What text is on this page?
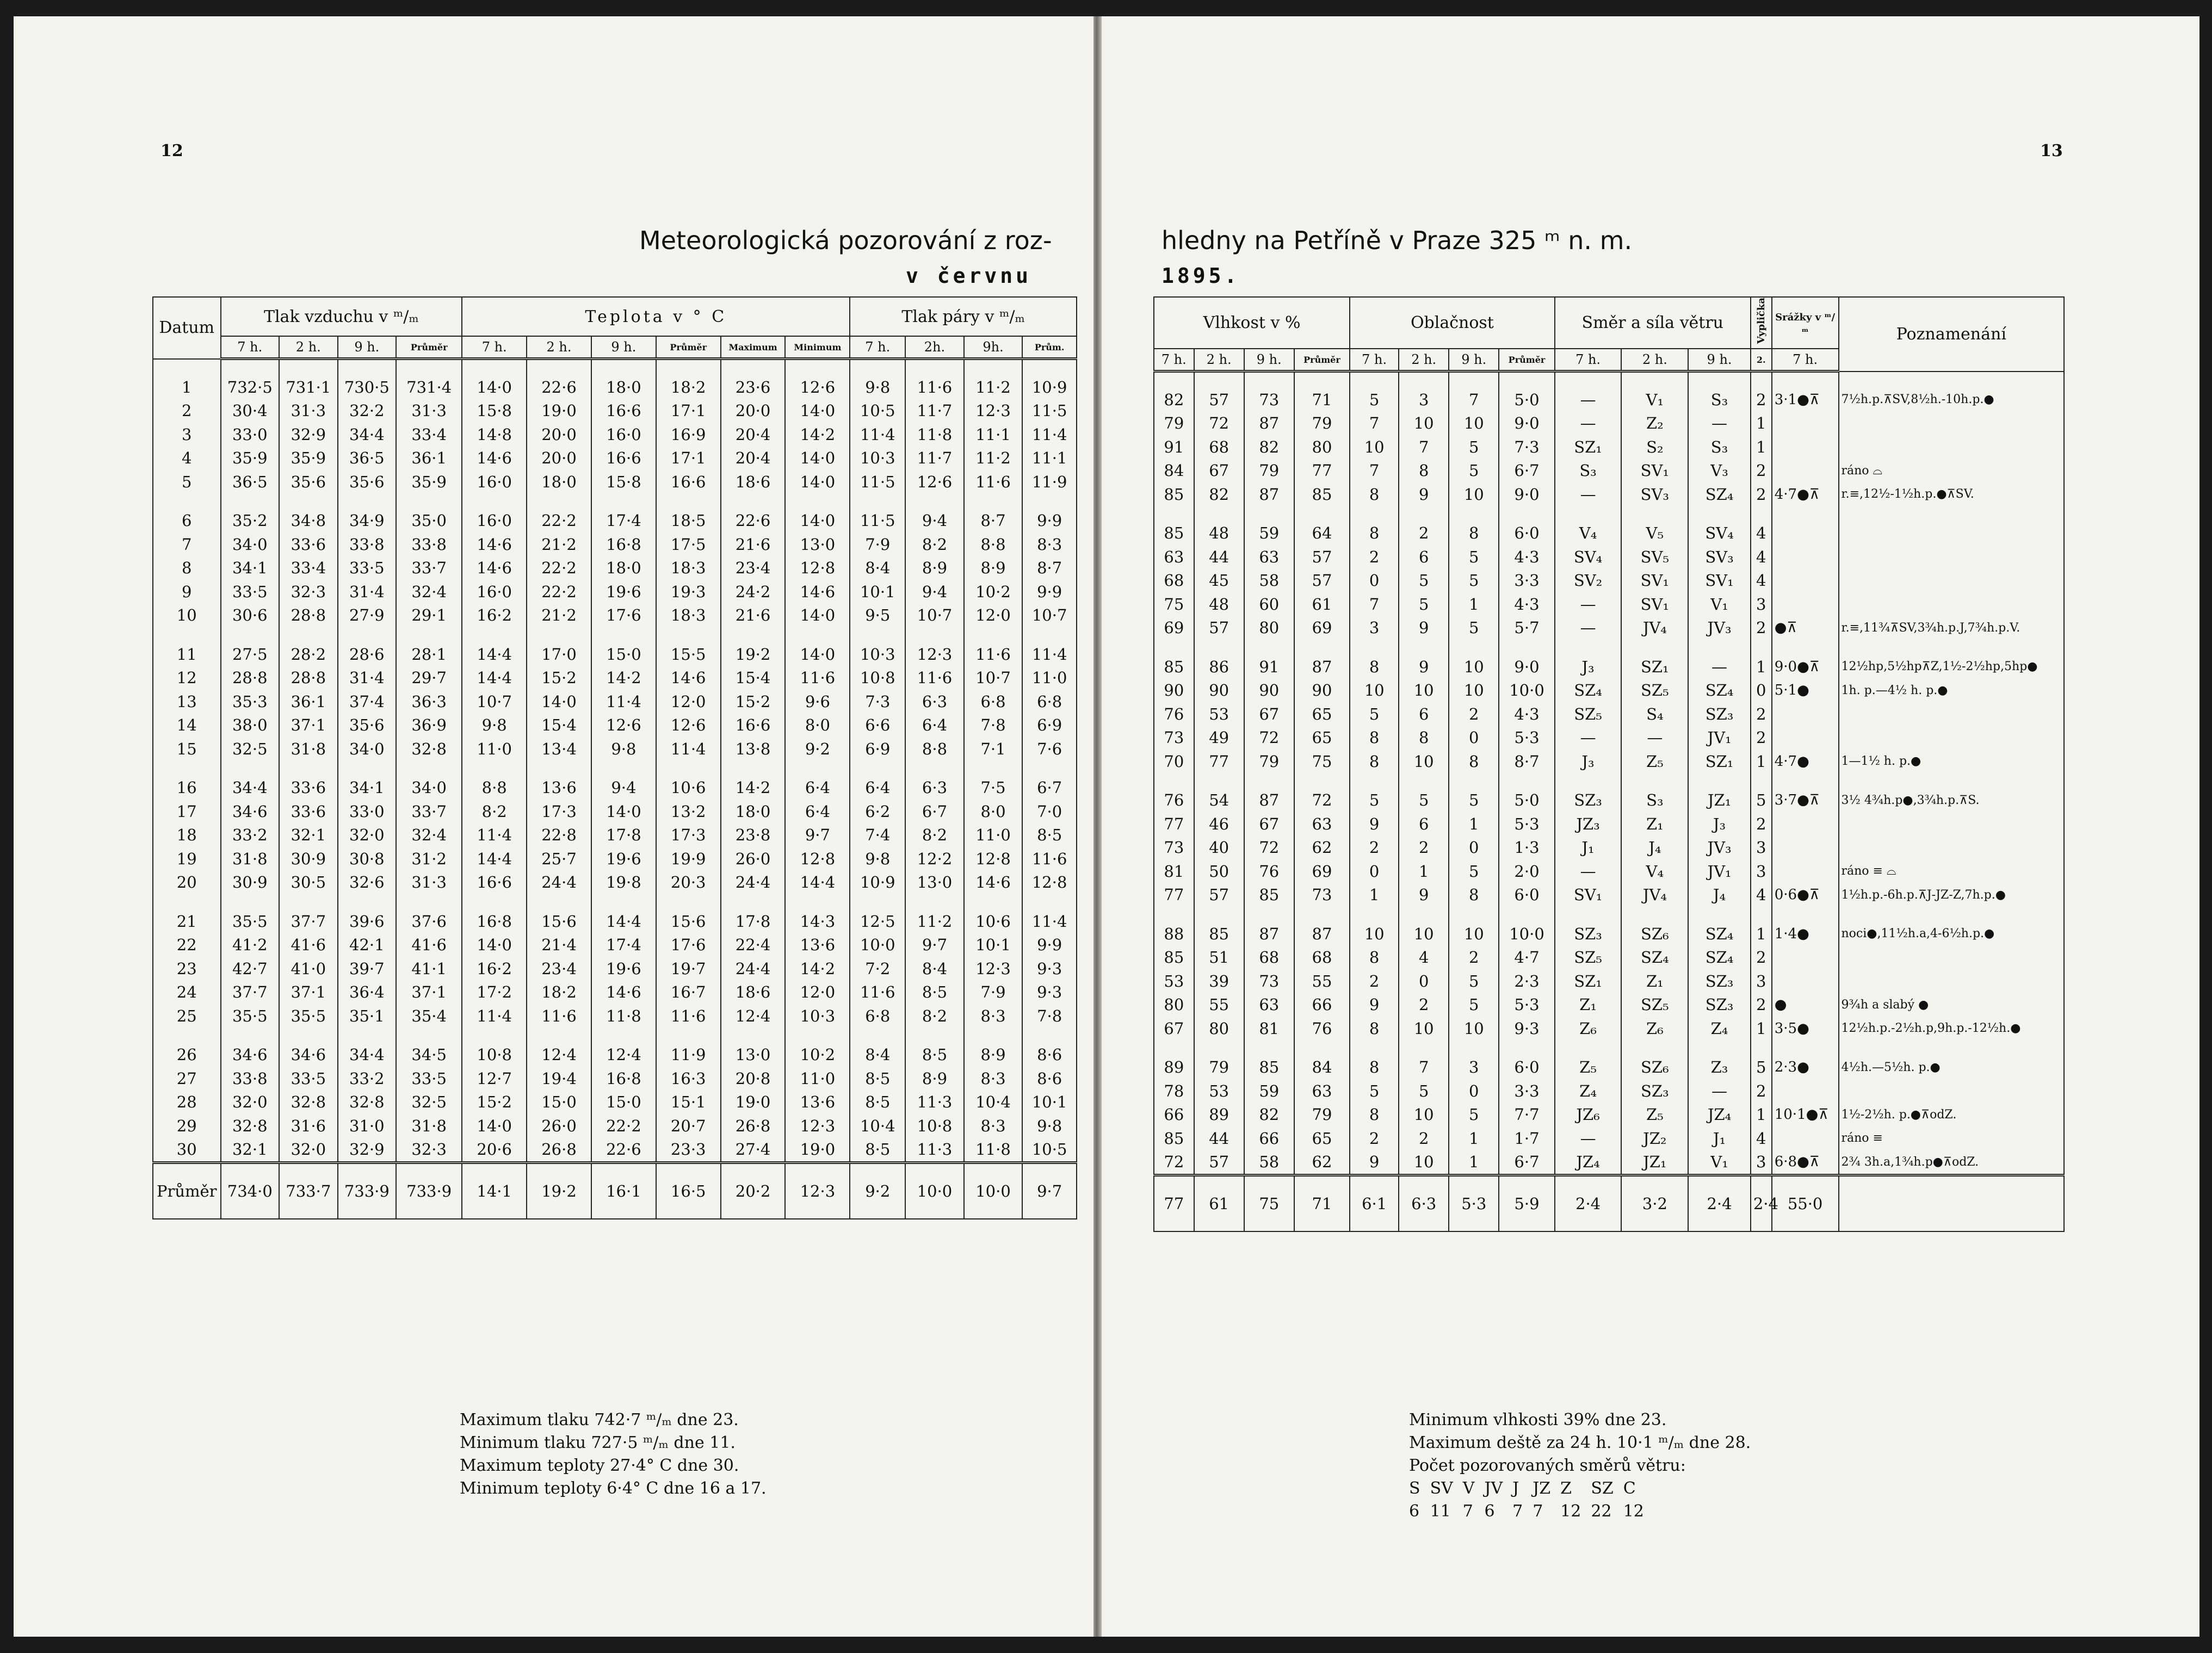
12
Meteorologická pozorování z roz-
v červnu
Datum	Tlak vzduchu v ᵐ/ₘ				Teplota v ° C						Tlak páry v ᵐ/ₘ			
	7 h.	2 h.	9 h.	Průměr	7 h.	2 h.	9 h.	Průměr	Maximum	Minimum	7 h.	2h.	9h.	Prům.

1	732·5	731·1	730·5	731·4	14·0	22·6	18·0	18·2	23·6	12·6	9·8	11·6	11·2	10·9
2	30·4	31·3	32·2	31·3	15·8	19·0	16·6	17·1	20·0	14·0	10·5	11·7	12·3	11·5
3	33·0	32·9	34·4	33·4	14·8	20·0	16·0	16·9	20·4	14·2	11·4	11·8	11·1	11·4
4	35·9	35·9	36·5	36·1	14·6	20·0	16·6	17·1	20·4	14·0	10·3	11·7	11·2	11·1
5	36·5	35·6	35·6	35·9	16·0	18·0	15·8	16·6	18·6	14·0	11·5	12·6	11·6	11·9
6	35·2	34·8	34·9	35·0	16·0	22·2	17·4	18·5	22·6	14·0	11·5	9·4	8·7	9·9
7	34·0	33·6	33·8	33·8	14·6	21·2	16·8	17·5	21·6	13·0	7·9	8·2	8·8	8·3
8	34·1	33·4	33·5	33·7	14·6	22·2	18·0	18·3	23·4	12·8	8·4	8·9	8·9	8·7
9	33·5	32·3	31·4	32·4	16·0	22·2	19·6	19·3	24·2	14·6	10·1	9·4	10·2	9·9
10	30·6	28·8	27·9	29·1	16·2	21·2	17·6	18·3	21·6	14·0	9·5	10·7	12·0	10·7
11	27·5	28·2	28·6	28·1	14·4	17·0	15·0	15·5	19·2	14·0	10·3	12·3	11·6	11·4
12	28·8	28·8	31·4	29·7	14·4	15·2	14·2	14·6	15·4	11·6	10·8	11·6	10·7	11·0
13	35·3	36·1	37·4	36·3	10·7	14·0	11·4	12·0	15·2	9·6	7·3	6·3	6·8	6·8
14	38·0	37·1	35·6	36·9	9·8	15·4	12·6	12·6	16·6	8·0	6·6	6·4	7·8	6·9
15	32·5	31·8	34·0	32·8	11·0	13·4	9·8	11·4	13·8	9·2	6·9	8·8	7·1	7·6
16	34·4	33·6	34·1	34·0	8·8	13·6	9·4	10·6	14·2	6·4	6·4	6·3	7·5	6·7
17	34·6	33·6	33·0	33·7	8·2	17·3	14·0	13·2	18·0	6·4	6·2	6·7	8·0	7·0
18	33·2	32·1	32·0	32·4	11·4	22·8	17·8	17·3	23·8	9·7	7·4	8·2	11·0	8·5
19	31·8	30·9	30·8	31·2	14·4	25·7	19·6	19·9	26·0	12·8	9·8	12·2	12·8	11·6
20	30·9	30·5	32·6	31·3	16·6	24·4	19·8	20·3	24·4	14·4	10·9	13·0	14·6	12·8
21	35·5	37·7	39·6	37·6	16·8	15·6	14·4	15·6	17·8	14·3	12·5	11·2	10·6	11·4
22	41·2	41·6	42·1	41·6	14·0	21·4	17·4	17·6	22·4	13·6	10·0	9·7	10·1	9·9
23	42·7	41·0	39·7	41·1	16·2	23·4	19·6	19·7	24·4	14·2	7·2	8·4	12·3	9·3
24	37·7	37·1	36·4	37·1	17·2	18·2	14·6	16·7	18·6	12·0	11·6	8·5	7·9	9·3
25	35·5	35·5	35·1	35·4	11·4	11·6	11·8	11·6	12·4	10·3	6·8	8·2	8·3	7·8
26	34·6	34·6	34·4	34·5	10·8	12·4	12·4	11·9	13·0	10·2	8·4	8·5	8·9	8·6
27	33·8	33·5	33·2	33·5	12·7	19·4	16·8	16·3	20·8	11·0	8·5	8·9	8·3	8·6
28	32·0	32·8	32·8	32·5	15·2	15·0	15·0	15·1	19·0	13·6	8·5	11·3	10·4	10·1
29	32·8	31·6	31·0	31·8	14·0	26·0	22·2	20·7	26·8	12·3	10·4	10·8	8·3	9·8
30	32·1	32·0	32·9	32·3	20·6	26·8	22·6	23·3	27·4	19·0	8·5	11·3	11·8	10·5
Průměr	734·0	733·7	733·9	733·9	14·1	19·2	16·1	16·5	20·2	12·3	9·2	10·0	10·0	9·7
Maximum tlaku 742·7 ᵐ/ₘ dne 23.
Minimum tlaku 727·5 ᵐ/ₘ dne 11.
Maximum teploty 27·4° C dne 30.
Minimum teploty 6·4° C dne 16 a 17.
13
hledny na Petříně v Praze 325 ᵐ n. m.
1895.
Vlhkost v %				Oblačnost				Směr a síla větru			Vyplička	Srážky v ᵐ/ₘ	Poznamenání
7 h.	2 h.	9 h.	Průměr	7 h.	2 h.	9 h.	Průměr	7 h.	2 h.	9 h.	2.	7 h.	

82	57	73	71	5	3	7	5·0	—	V₁	S₃	2	3·1●⊼	7½h.p.⊼SV,8½h.-10h.p.●
79	72	87	79	7	10	10	9·0	—	Z₂	—	1		
91	68	82	80	10	7	5	7·3	SZ₁	S₂	S₃	1		
84	67	79	77	7	8	5	6·7	S₃	SV₁	V₃	2		ráno ⌓
85	82	87	85	8	9	10	9·0	—	SV₃	SZ₄	2	4·7●⊼	r.≡,12½-1½h.p.●⊼SV.
85	48	59	64	8	2	8	6·0	V₄	V₅	SV₄	4		
63	44	63	57	2	6	5	4·3	SV₄	SV₅	SV₃	4		
68	45	58	57	0	5	5	3·3	SV₂	SV₁	SV₁	4		
75	48	60	61	7	5	1	4·3	—	SV₁	V₁	3		
69	57	80	69	3	9	5	5·7	—	JV₄	JV₃	2	●⊼	r.≡,11¾⊼SV,3¾h.p.J,7¾h.p.V.
85	86	91	87	8	9	10	9·0	J₃	SZ₁	—	1	9·0●⊼	12½hp,5½hp⊼Z,1½-2½hp,5hp●
90	90	90	90	10	10	10	10·0	SZ₄	SZ₅	SZ₄	0	5·1●	1h. p.—4½ h. p.●
76	53	67	65	5	6	2	4·3	SZ₅	S₄	SZ₃	2		
73	49	72	65	8	8	0	5·3	—	—	JV₁	2		
70	77	79	75	8	10	8	8·7	J₃	Z₅	SZ₁	1	4·7●	1—1½ h. p.●
76	54	87	72	5	5	5	5·0	SZ₃	S₃	JZ₁	5	3·7●⊼	3½ 4¾h.p●,3¾h.p.⊼S.
77	46	67	63	9	6	1	5·3	JZ₃	Z₁	J₃	2		
73	40	72	62	2	2	0	1·3	J₁	J₄	JV₃	3		
81	50	76	69	0	1	5	2·0	—	V₄	JV₁	3		ráno ≡ ⌓
77	57	85	73	1	9	8	6·0	SV₁	JV₄	J₄	4	0·6●⊼	1½h.p.-6h.p.⊼J-JZ-Z,7h.p.●
88	85	87	87	10	10	10	10·0	SZ₃	SZ₆	SZ₄	1	1·4●	noci●,11½h.a,4-6½h.p.●
85	51	68	68	8	4	2	4·7	SZ₅	SZ₄	SZ₄	2		
53	39	73	55	2	0	5	2·3	SZ₁	Z₁	SZ₃	3		
80	55	63	66	9	2	5	5·3	Z₁	SZ₅	SZ₃	2	●	9¾h a slabý ●
67	80	81	76	8	10	10	9·3	Z₆	Z₆	Z₄	1	3·5●	12½h.p.-2½h.p,9h.p.-12½h.●
89	79	85	84	8	7	3	6·0	Z₅	SZ₆	Z₃	5	2·3●	4½h.—5½h. p.●
78	53	59	63	5	5	0	3·3	Z₄	SZ₃	—	2		
66	89	82	79	8	10	5	7·7	JZ₆	Z₅	JZ₄	1	10·1●⊼	1½-2½h. p.●⊼odZ.
85	44	66	65	2	2	1	1·7	—	JZ₂	J₁	4		ráno ≡
72	57	58	62	9	10	1	6·7	JZ₄	JZ₁	V₁	3	6·8●⊼	2¾ 3h.a,1¾h.p●⊼odZ.
77	61	75	71	6·1	6·3	5·3	5·9	2·4	3·2	2·4	2·4	55·0	
Minimum vlhkosti 39% dne 23.
Maximum deště za 24 h. 10·1 ᵐ/ₘ dne 28.
Počet pozorovaných směrů větru:
S	SV	V	JV	J	JZ	Z	SZ	C
6	11	7	6	7	7	12	22	12
